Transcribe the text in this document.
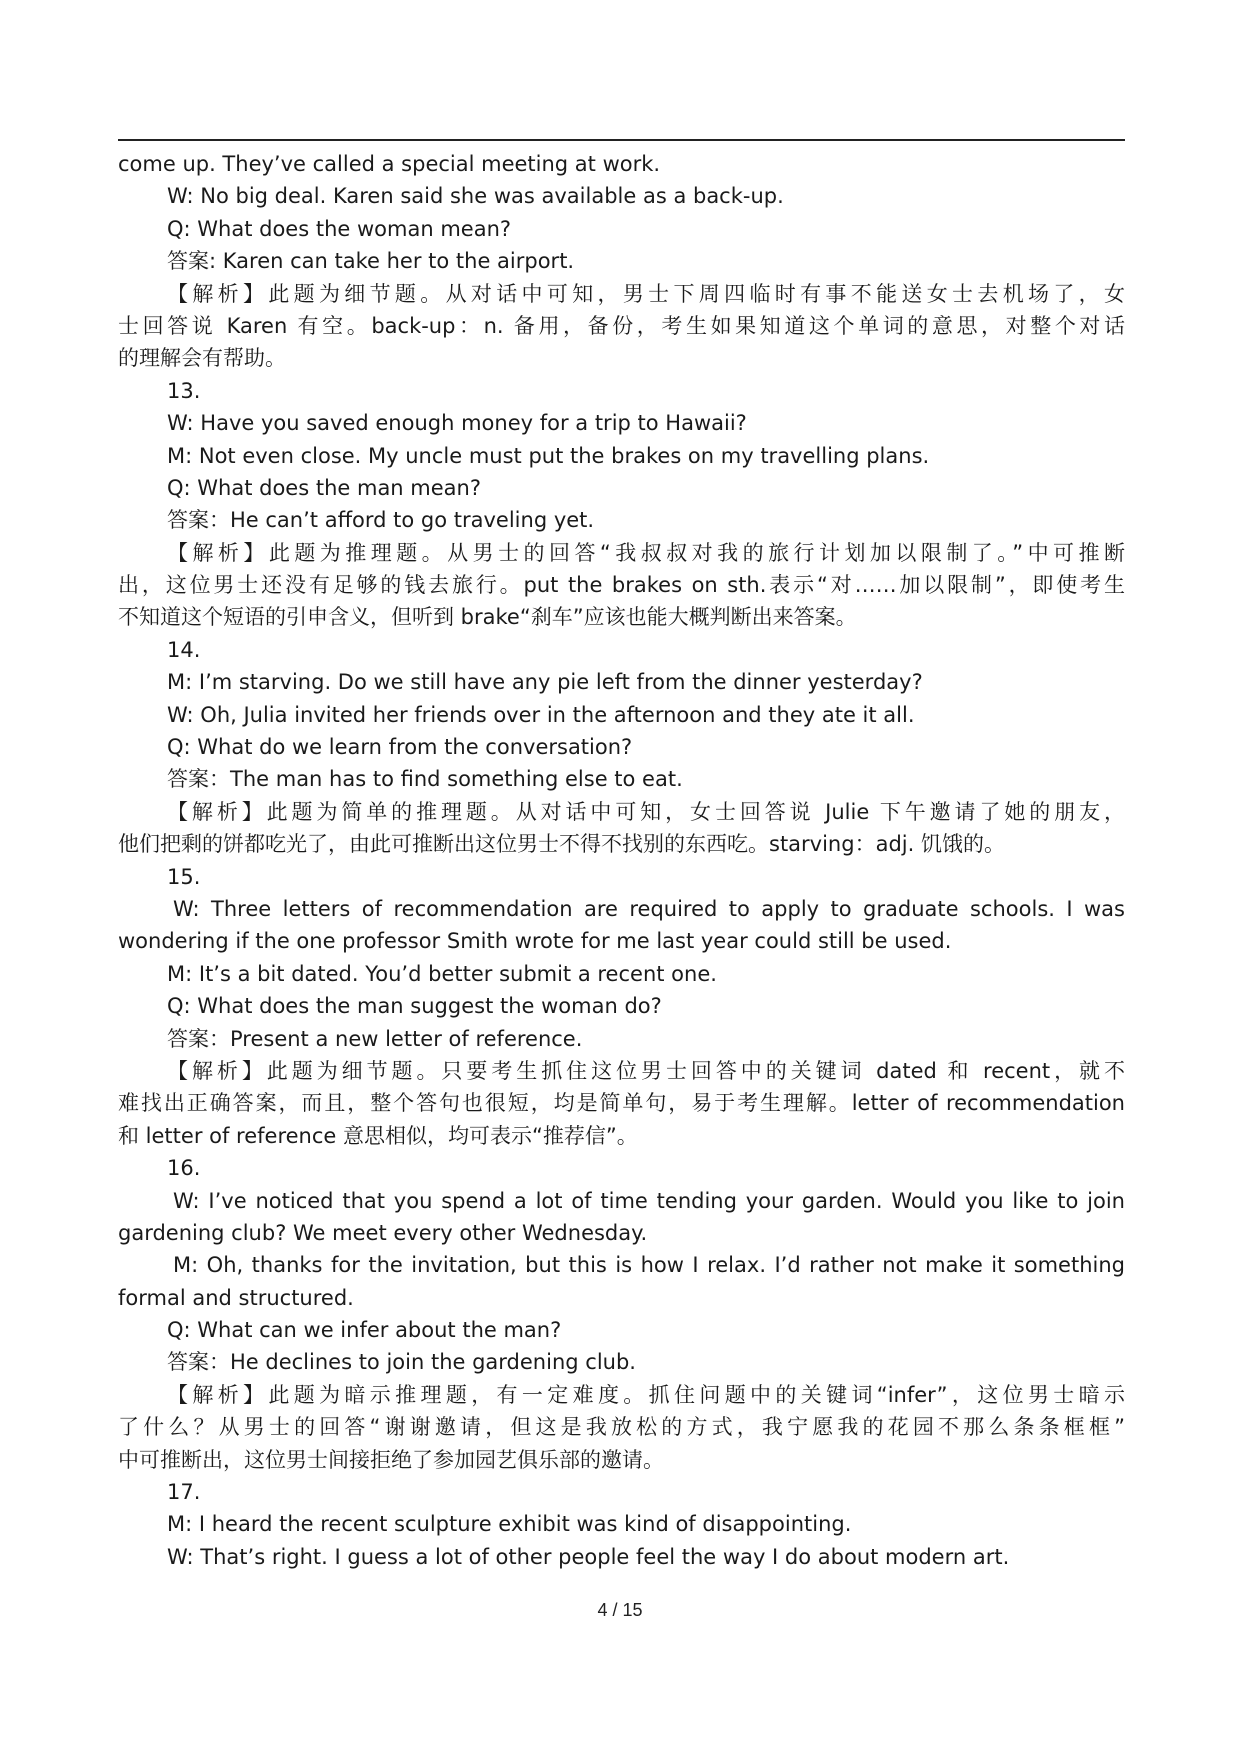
come up. They’ve called a special meeting at work.
W: No big deal. Karen said she was available as a back-up.
Q: What does the woman mean?
答案: Karen can take her to the airport.
【解析】此题为细节题。从对话中可知，男士下周四临时有事不能送女士去机场了，女
士回答说 Karen 有空。back-up：n. 备用，备份，考生如果知道这个单词的意思，对整个对话
的理解会有帮助。
13.
W: Have you saved enough money for a trip to Hawaii?
M: Not even close. My uncle must put the brakes on my travelling plans.
Q: What does the man mean?
答案：He can’t afford to go traveling yet.
【解析】此题为推理题。从男士的回答“我叔叔对我的旅行计划加以限制了。”中可推断
出，这位男士还没有足够的钱去旅行。put the brakes on sth.表示“对……加以限制”，即使考生
不知道这个短语的引申含义，但听到 brake“刹车”应该也能大概判断出来答案。
14.
M: I’m starving. Do we still have any pie left from the dinner yesterday?
W: Oh, Julia invited her friends over in the afternoon and they ate it all.
Q: What do we learn from the conversation?
答案：The man has to find something else to eat.
【解析】此题为简单的推理题。从对话中可知，女士回答说 Julie 下午邀请了她的朋友，
他们把剩的饼都吃光了，由此可推断出这位男士不得不找别的东西吃。starving：adj. 饥饿的。
15.
W: Three letters of recommendation are required to apply to graduate schools. I was
wondering if the one professor Smith wrote for me last year could still be used.
M: It’s a bit dated. You’d better submit a recent one.
Q: What does the man suggest the woman do?
答案：Present a new letter of reference.
【解析】此题为细节题。只要考生抓住这位男士回答中的关键词 dated 和 recent，就不
难找出正确答案，而且，整个答句也很短，均是简单句，易于考生理解。letter of recommendation
和 letter of reference 意思相似，均可表示“推荐信”。
16.
W: I’ve noticed that you spend a lot of time tending your garden. Would you like to join
gardening club? We meet every other Wednesday.
M: Oh, thanks for the invitation, but this is how I relax. I’d rather not make it something
formal and structured.
Q: What can we infer about the man?
答案：He declines to join the gardening club.
【解析】此题为暗示推理题，有一定难度。抓住问题中的关键词“infer”，这位男士暗示
了什么？从男士的回答“谢谢邀请，但这是我放松的方式，我宁愿我的花园不那么条条框框”
中可推断出，这位男士间接拒绝了参加园艺俱乐部的邀请。
17.
M: I heard the recent sculpture exhibit was kind of disappointing.
W: That’s right. I guess a lot of other people feel the way I do about modern art.
4 / 15
